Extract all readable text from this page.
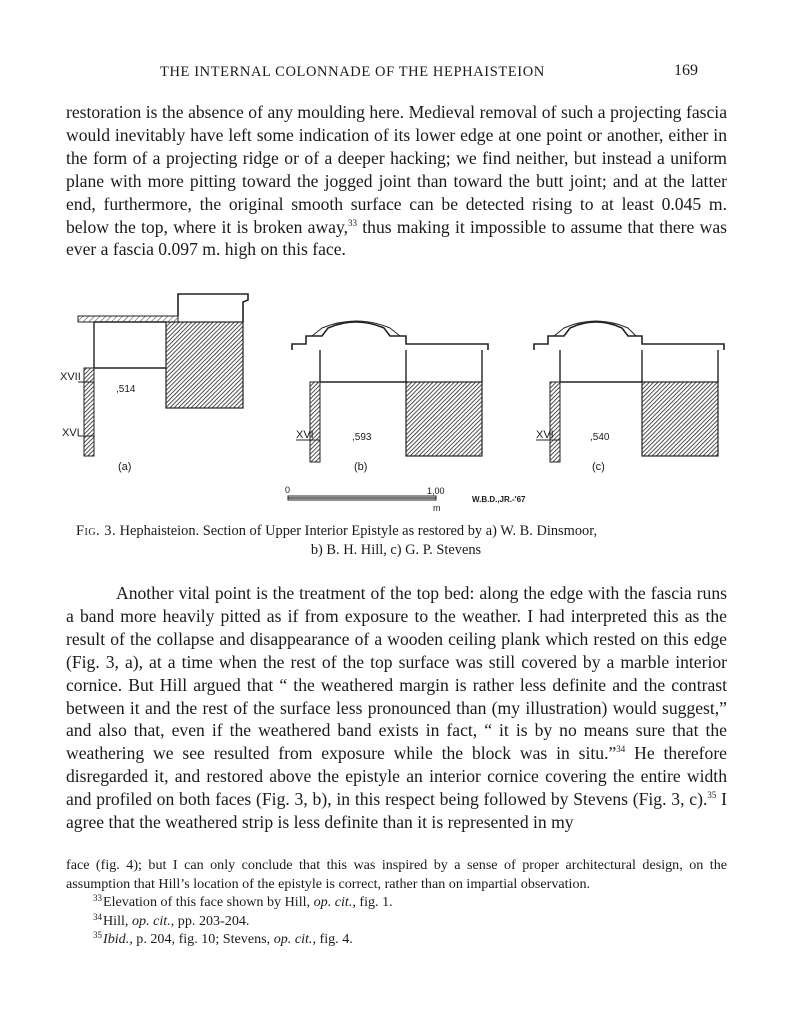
THE INTERNAL COLONNADE OF THE HEPHAISTEION	169
restoration is the absence of any moulding here. Medieval removal of such a projecting fascia would inevitably have left some indication of its lower edge at one point or another, either in the form of a projecting ridge or of a deeper hacking; we find neither, but instead a uniform plane with more pitting toward the jogged joint than toward the butt joint; and at the latter end, furthermore, the original smooth surface can be detected rising to at least 0.045 m. below the top, where it is broken away,$^{33}$ thus making it impossible to assume that there was ever a fascia 0.097 m. high on this face.
XVII
XVI
,514
(a)
XVI	,593
(b)
XVI	,540
(c)
0	1,00
m
W.B.D.,JR.-'67
Fig. 3. Hephaisteion. Section of Upper Interior Epistyle as restored by a) W. B. Dinsmoor,
b) B. H. Hill, c) G. P. Stevens
Another vital point is the treatment of the top bed: along the edge with the fascia runs a band more heavily pitted as if from exposure to the weather. I had interpreted this as the result of the collapse and disappearance of a wooden ceiling plank which rested on this edge (Fig. 3, a), at a time when the rest of the top surface was still covered by a marble interior cornice. But Hill argued that “ the weathered margin is rather less definite and the contrast between it and the rest of the surface less pronounced than (my illustration) would suggest,” and also that, even if the weathered band exists in fact, “ it is by no means sure that the weathering we see resulted from exposure while the block was in situ.”$^{34}$ He therefore disregarded it, and restored above the epistyle an interior cornice covering the entire width and profiled on both faces (Fig. 3, b), in this respect being followed by Stevens (Fig. 3, c).$^{35}$ I agree that the weathered strip is less definite than it is represented in my
face (fig. 4); but I can only conclude that this was inspired by a sense of proper architectural design, on the assumption that Hill’s location of the epistyle is correct, rather than on impartial observation.
$^{33}$Elevation of this face shown by Hill, op. cit., fig. 1.
$^{34}$Hill, op. cit., pp. 203-204.
$^{35}$Ibid., p. 204, fig. 10; Stevens, op. cit., fig. 4.
